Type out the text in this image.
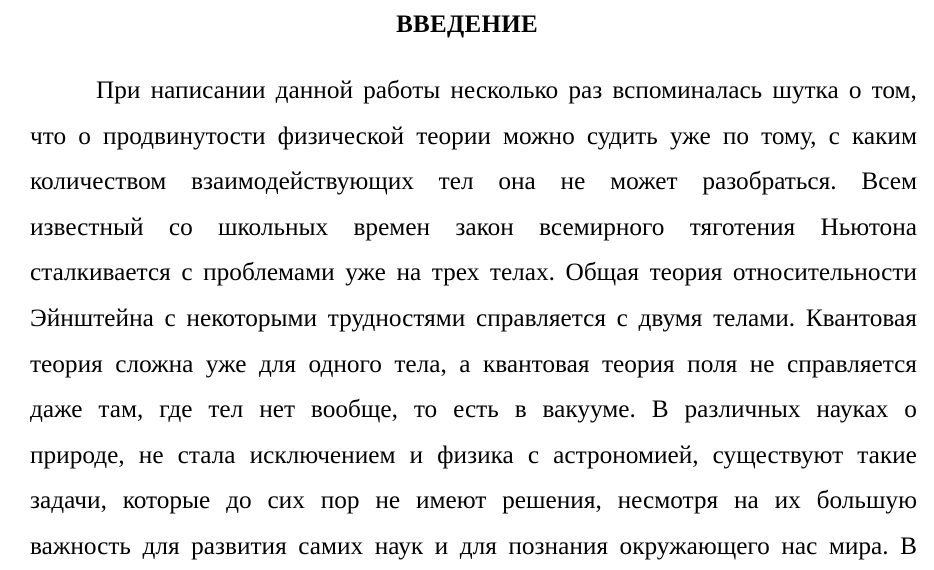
ВВЕДЕНИЕ
При написании данной работы несколько раз вспоминалась шутка о том,
что о продвинутости физической теории можно судить уже по тому, с каким
количеством взаимодействующих тел она не может разобраться. Всем
известный со школьных времен закон всемирного тяготения Ньютона
сталкивается с проблемами уже на трех телах. Общая теория относительности
Эйнштейна с некоторыми трудностями справляется с двумя телами. Квантовая
теория сложна уже для одного тела, а квантовая теория поля не справляется
даже там, где тел нет вообще, то есть в вакууме. В различных науках о
природе, не стала исключением и физика с астрономией, существуют такие
задачи, которые до сих пор не имеют решения, несмотря на их большую
важность для развития самих наук и для познания окружающего нас мира. В
